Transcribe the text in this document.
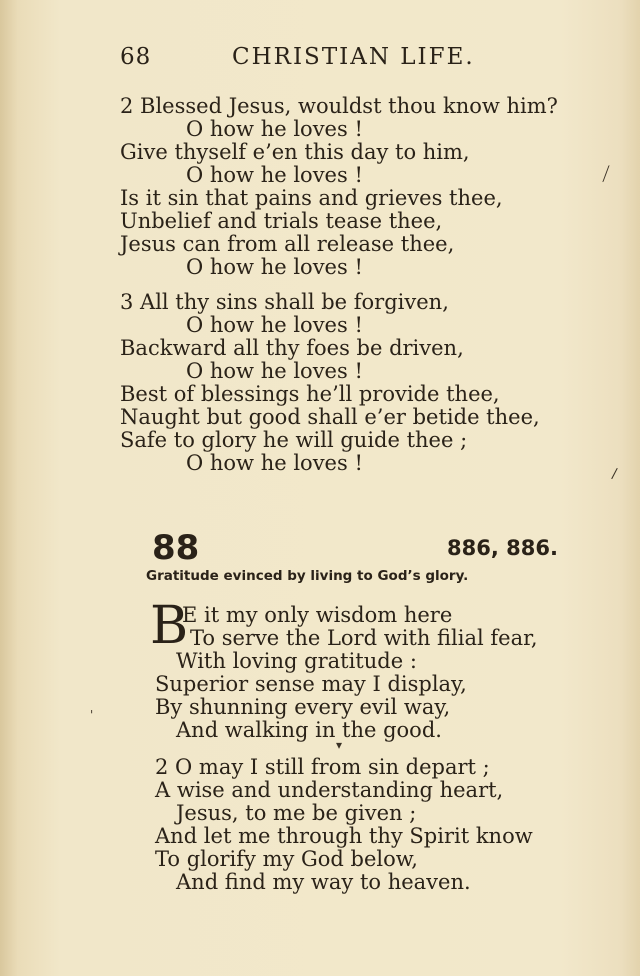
68	CHRISTIAN LIFE.
2 Blessed Jesus, wouldst thou know him?
O how he loves !
Give thyself e’en this day to him,
O how he loves !
Is it sin that pains and grieves thee,
Unbelief and trials tease thee,
Jesus can from all release thee,
O how he loves !
3 All thy sins shall be forgiven,
O how he loves !
Backward all thy foes be driven,
O how he loves !
Best of blessings he’ll provide thee,
Naught but good shall e’er betide thee,
Safe to glory he will guide thee ;
O how he loves !
88	886, 886.
Gratitude evinced by living to God’s glory.
B
E it my only wisdom here
To serve the Lord with filial fear,
With loving gratitude :
Superior sense may I display,
By shunning every evil way,
And walking in the good.
2 O may I still from sin depart ;
A wise and understanding heart,
Jesus, to me be given ;
And let me through thy Spirit know
To glorify my God below,
And find my way to heaven.
⟋
/
▾
'
